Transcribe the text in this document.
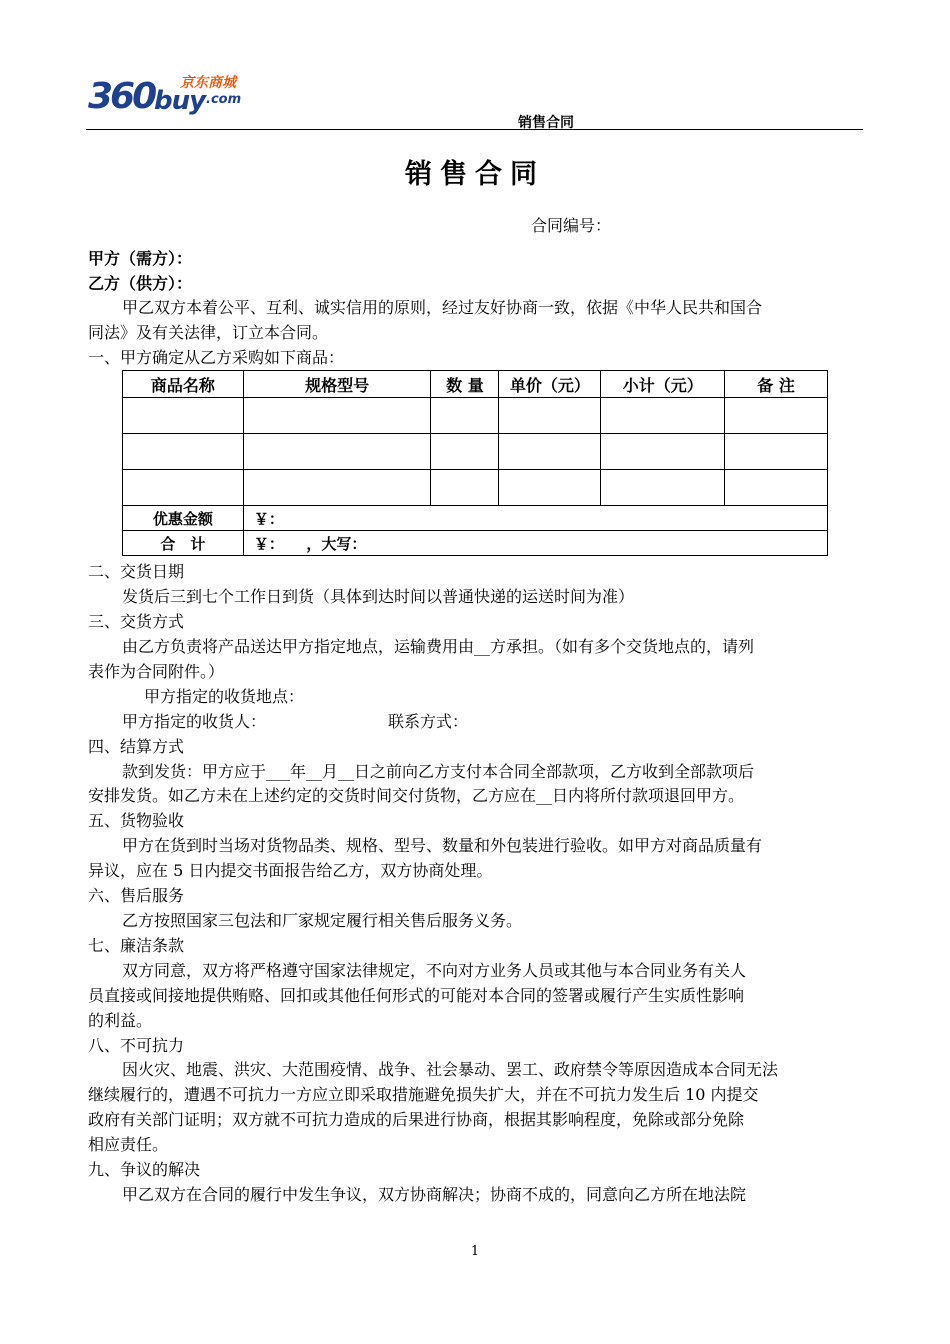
360 buy .com
京东商城
销售合同
销售合同
合同编号：
甲方（需方）：
乙方（供方）：
甲乙双方本着公平、互利、诚实信用的原则，经过友好协商一致，依据《中华人民共和国合
同法》及有关法律，订立本合同。
一、甲方确定从乙方采购如下商品：
商品名称	规格型号	数 量	单价（元）	小计（元）	备 注

优惠金额	￥：				
合　计	￥：　　，大写：				
二、交货日期
发货后三到七个工作日到货（具体到达时间以普通快递的运送时间为准）
三、交货方式
由乙方负责将产品送达甲方指定地点，运输费用由__方承担。（如有多个交货地点的，请列
表作为合同附件。）
甲方指定的收货地点：
甲方指定的收货人：	联系方式：
四、结算方式
款到发货：甲方应于___年__月__日之前向乙方支付本合同全部款项，乙方收到全部款项后
安排发货。如乙方未在上述约定的交货时间交付货物，乙方应在__日内将所付款项退回甲方。
五、货物验收
甲方在货到时当场对货物品类、规格、型号、数量和外包装进行验收。如甲方对商品质量有
异议，应在 5 日内提交书面报告给乙方，双方协商处理。
六、售后服务
乙方按照国家三包法和厂家规定履行相关售后服务义务。
七、廉洁条款
双方同意，双方将严格遵守国家法律规定，不向对方业务人员或其他与本合同业务有关人
员直接或间接地提供贿赂、回扣或其他任何形式的可能对本合同的签署或履行产生实质性影响
的利益。
八、不可抗力
因火灾、地震、洪灾、大范围疫情、战争、社会暴动、罢工、政府禁令等原因造成本合同无法
继续履行的，遭遇不可抗力一方应立即采取措施避免损失扩大，并在不可抗力发生后 10 内提交
政府有关部门证明；双方就不可抗力造成的后果进行协商，根据其影响程度，免除或部分免除
相应责任。
九、争议的解决
甲乙双方在合同的履行中发生争议，双方协商解决；协商不成的，同意向乙方所在地法院
1
